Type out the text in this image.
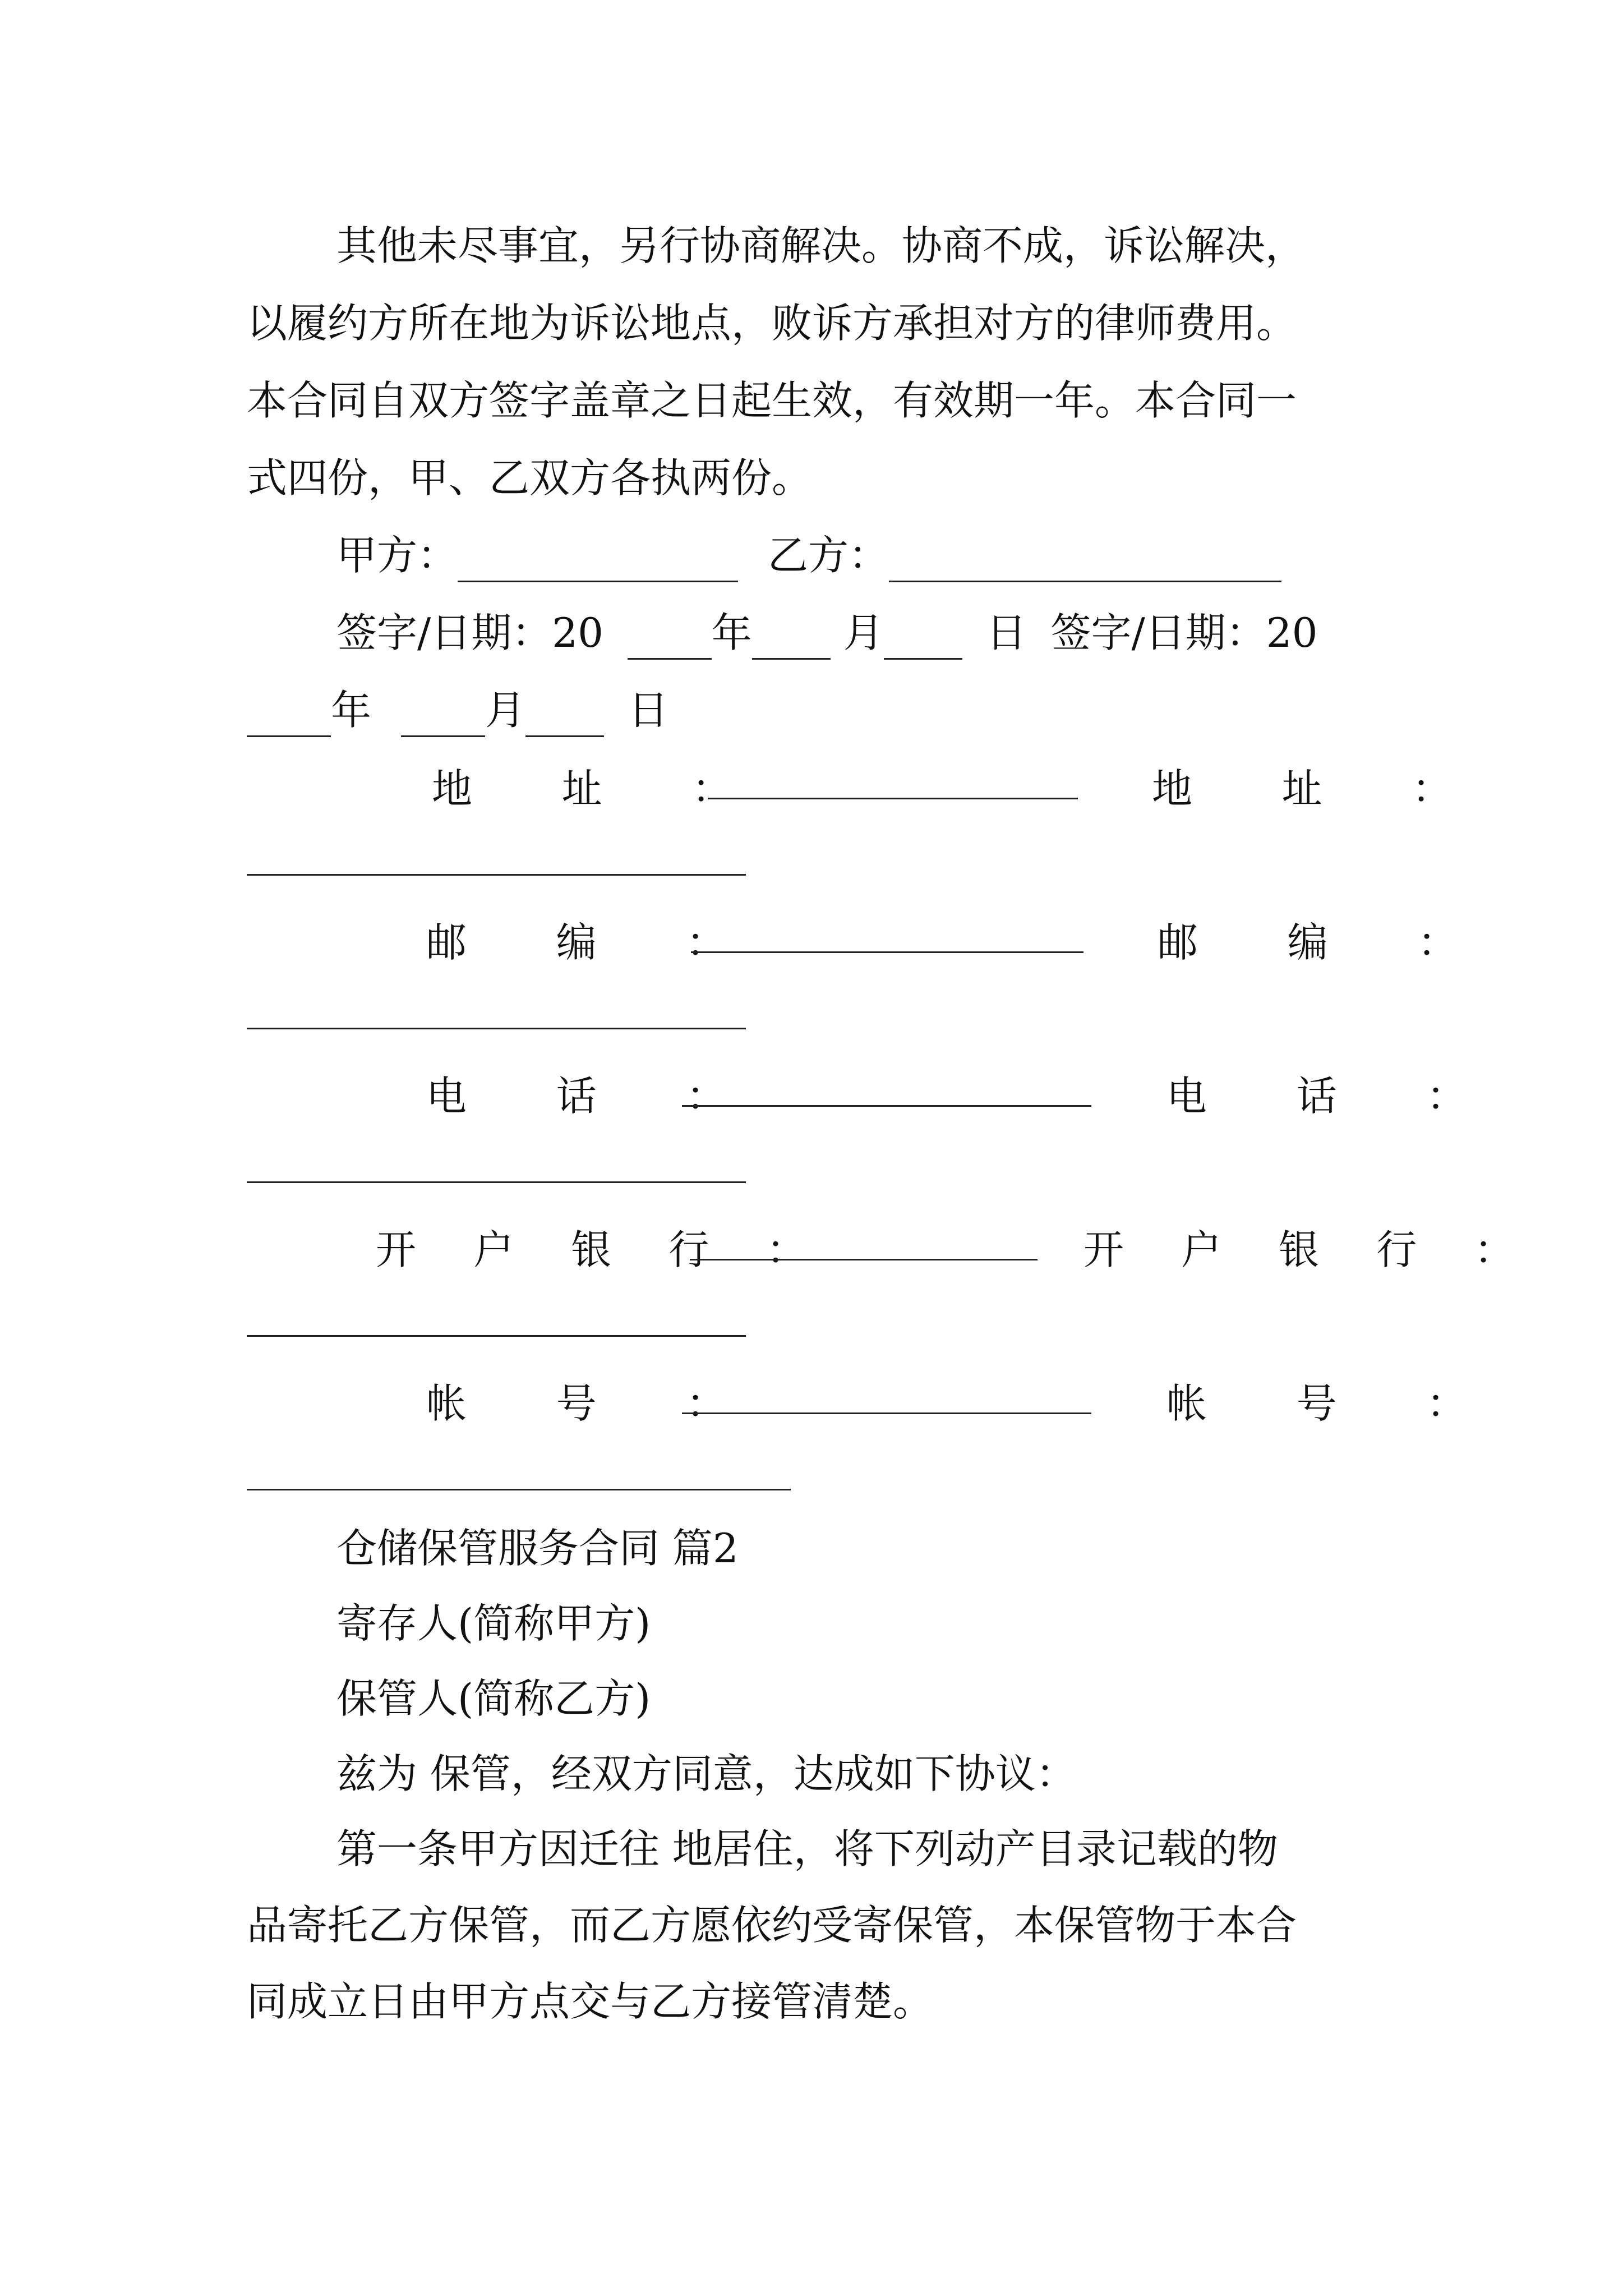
其他未尽事宜，另行协商解决。协商不成，诉讼解决，
以履约方所在地为诉讼地点，败诉方承担对方的律师费用。
本合同自双方签字盖章之日起生效，有效期一年。本合同一
式四份，甲、乙双方各执两份。
甲方：	乙方：
签字/日期：20	年 月	日 签字/日期：20
年	月	日
地 址 ：	地 址 ：
邮 编 ：	邮 编 ：
电 话 ：	电 话 ：
开 户 银 行 ：	开 户 银 行 ：
帐 号 ：	帐 号 ：
仓储保管服务合同 篇2
寄存人(简称甲方)
保管人(简称乙方)
兹为 保管，经双方同意，达成如下协议：
第一条甲方因迁往 地居住，将下列动产目录记载的物
品寄托乙方保管，而乙方愿依约受寄保管，本保管物于本合
同成立日由甲方点交与乙方接管清楚。
